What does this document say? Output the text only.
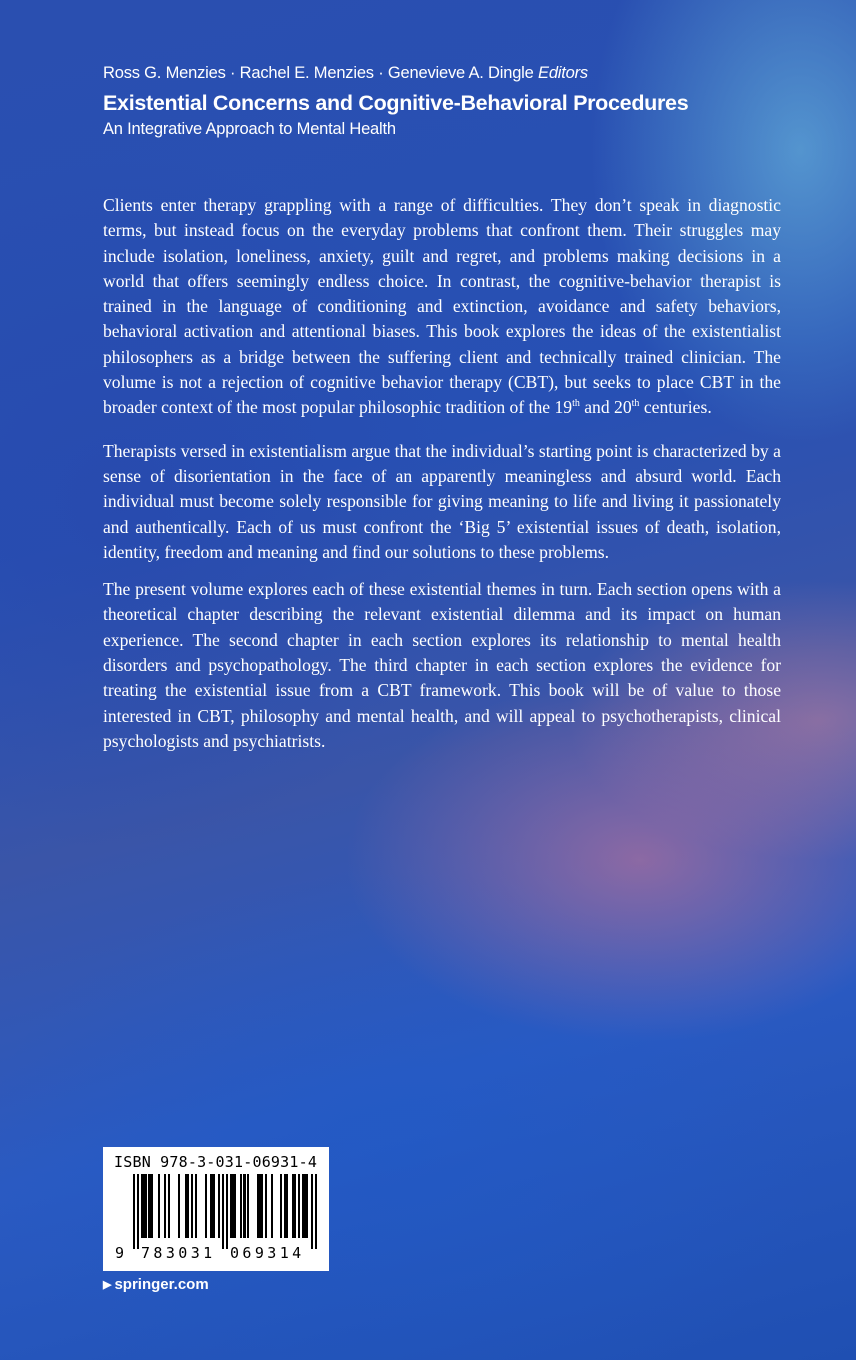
Ross G. Menzies · Rachel E. Menzies · Genevieve A. Dingle Editors
Existential Concerns and Cognitive-Behavioral Procedures
An Integrative Approach to Mental Health

Clients enter therapy grappling with a range of difficulties. They don’t speak in diagnostic terms, but instead focus on the everyday problems that confront them. Their struggles may include isolation, loneliness, anxiety, guilt and regret, and problems making decisions in a world that offers seemingly endless choice. In contrast, the cognitive-behavior therapist is trained in the language of conditioning and extinction, avoidance and safety behaviors, behavioral activation and attentional biases. This book explores the ideas of the existentialist philosophers as a bridge between the suffering client and technically trained clinician. The volume is not a rejection of cognitive behavior therapy (CBT), but seeks to place CBT in the broader context of the most popular philosophic tradition of the 19th and 20th centuries.

Therapists versed in existentialism argue that the individual’s starting point is characterized by a sense of disorientation in the face of an apparently meaningless and absurd world. Each individual must become solely responsible for giving meaning to life and living it passionately and authentically. Each of us must confront the ‘Big 5’ existential issues of death, isolation, identity, freedom and meaning and find our solutions to these problems.

The present volume explores each of these existential themes in turn. Each section opens with a theoretical chapter describing the relevant existential dilemma and its impact on human experience. The second chapter in each section explores its relationship to mental health disorders and psychopathology. The third chapter in each section explores the evidence for treating the existential issue from a CBT framework. This book will be of value to those interested in CBT, philosophy and mental health, and will appeal to psychotherapists, clinical psychologists and psychiatrists.

ISBN 978-3-031-06931-4
9 783031 069314
▶ springer.com
